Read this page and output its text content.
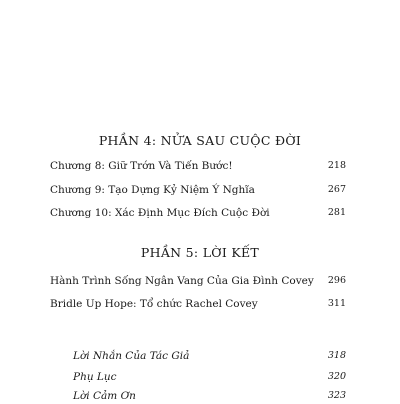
PHẦN 4: NỬA SAU CUỘC ĐỜI
Chương 8: Giữ Trớn Và Tiến Bước!	218
Chương 9: Tạo Dựng Kỷ Niệm Ý Nghĩa	267
Chương 10: Xác Định Mục Đích Cuộc Đời	281
PHẦN 5: LỜI KẾT
Hành Trình Sống Ngân Vang Của Gia Đình Covey 296
Bridle Up Hope: Tổ chức Rachel Covey	311
Lời Nhắn Của Tác Giả	318
Phụ Lục	320
Lời Cảm Ơn	323
